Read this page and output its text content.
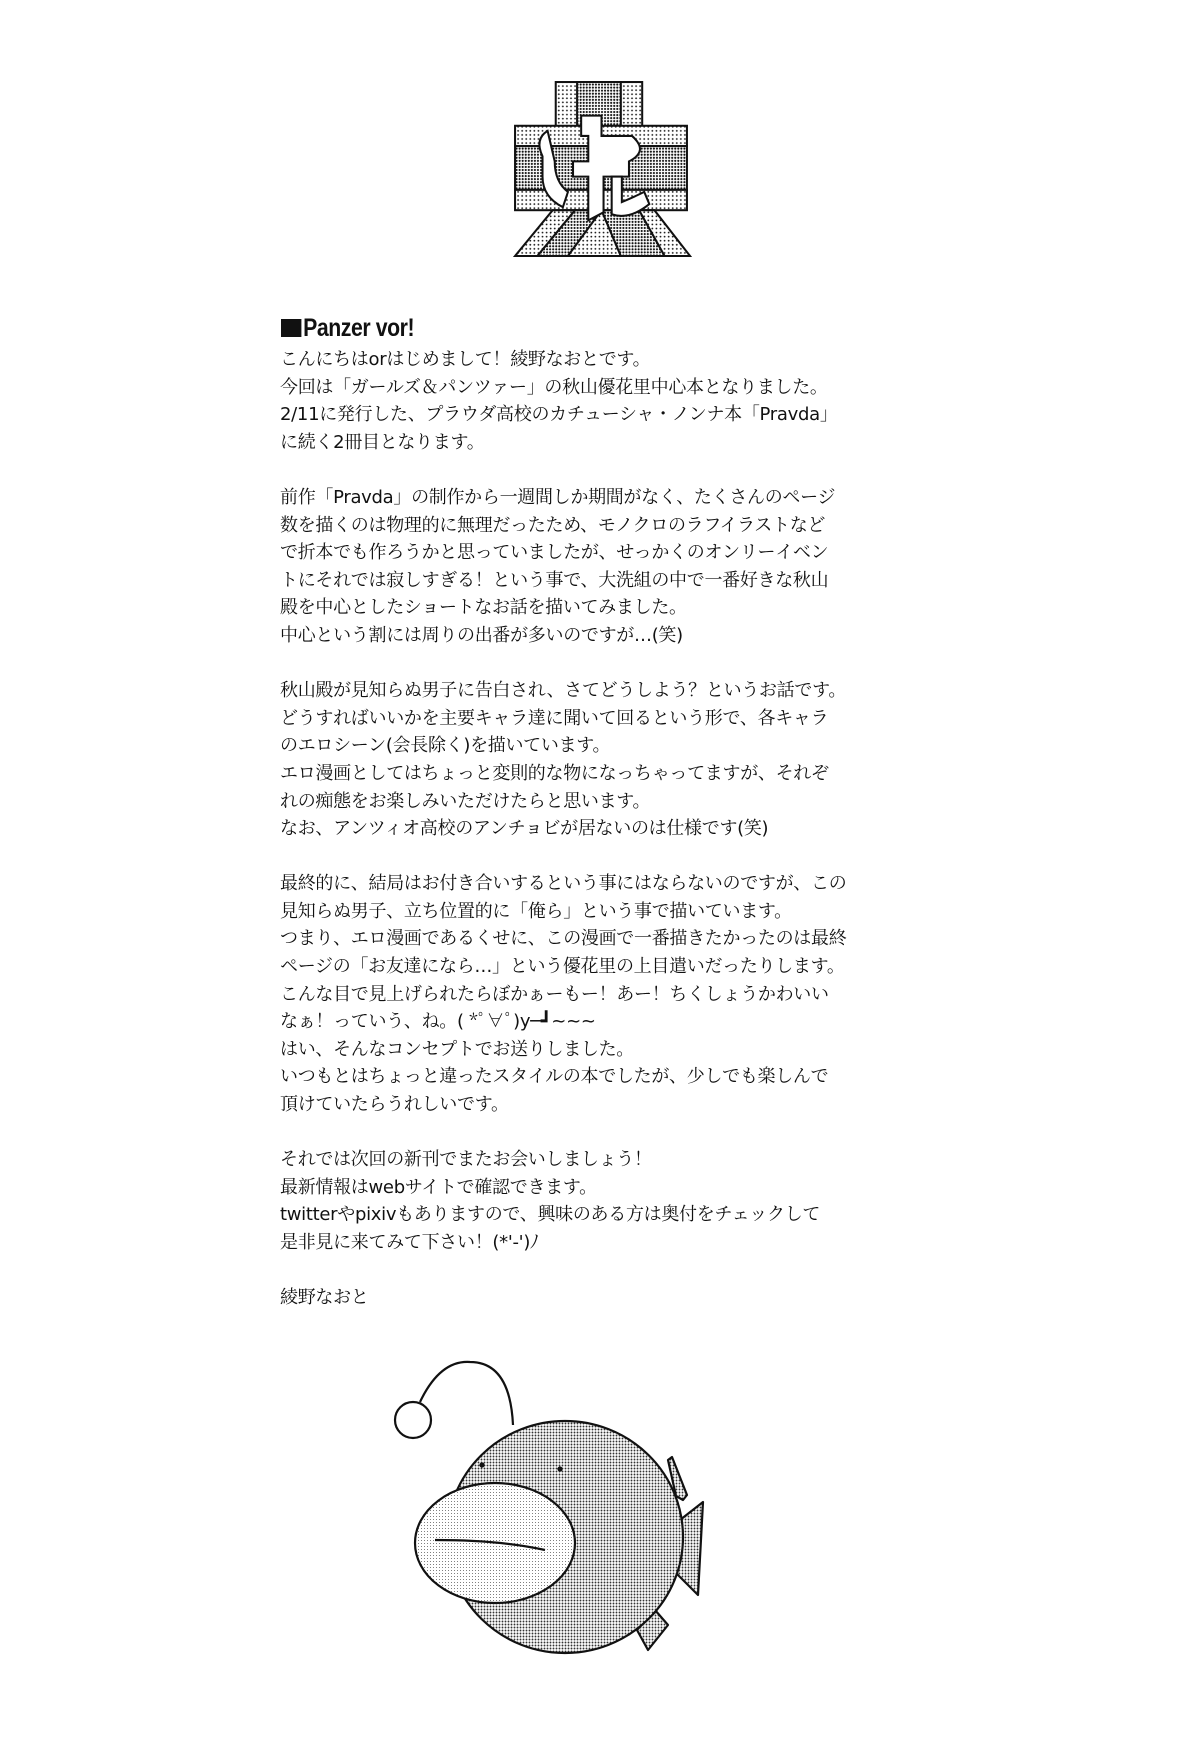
Panzer vor!
こんにちはorはじめまして！綾野なおとです。
今回は「ガールズ＆パンツァー」の秋山優花里中心本となりました。
2/11に発行した、プラウダ高校のカチューシャ・ノンナ本「Pravda」
に続く2冊目となります。
前作「Pravda」の制作から一週間しか期間がなく、たくさんのページ
数を描くのは物理的に無理だったため、モノクロのラフイラストなど
で折本でも作ろうかと思っていましたが、せっかくのオンリーイベン
トにそれでは寂しすぎる！という事で、大洗組の中で一番好きな秋山
殿を中心としたショートなお話を描いてみました。
中心という割には周りの出番が多いのですが…(笑)
秋山殿が見知らぬ男子に告白され、さてどうしよう？というお話です。
どうすればいいかを主要キャラ達に聞いて回るという形で、各キャラ
のエロシーン(会長除く)を描いています。
エロ漫画としてはちょっと変則的な物になっちゃってますが、それぞ
れの痴態をお楽しみいただけたらと思います。
なお、アンツィオ高校のアンチョビが居ないのは仕様です(笑)
最終的に、結局はお付き合いするという事にはならないのですが、この
見知らぬ男子、立ち位置的に「俺ら」という事で描いています。
つまり、エロ漫画であるくせに、この漫画で一番描きたかったのは最終
ページの「お友達になら…」という優花里の上目遣いだったりします。
こんな目で見上げられたらぼかぁーもー！あー！ちくしょうかわいい
なぁ！っていう、ね。( *ﾟ∀ﾟ)y─┛~~~
はい、そんなコンセプトでお送りしました。
いつもとはちょっと違ったスタイルの本でしたが、少しでも楽しんで
頂けていたらうれしいです。
それでは次回の新刊でまたお会いしましょう！
最新情報はwebサイトで確認できます。
twitterやpixivもありますので、興味のある方は奥付をチェックして
是非見に来てみて下さい！(*'-')ﾉ
綾野なおと
